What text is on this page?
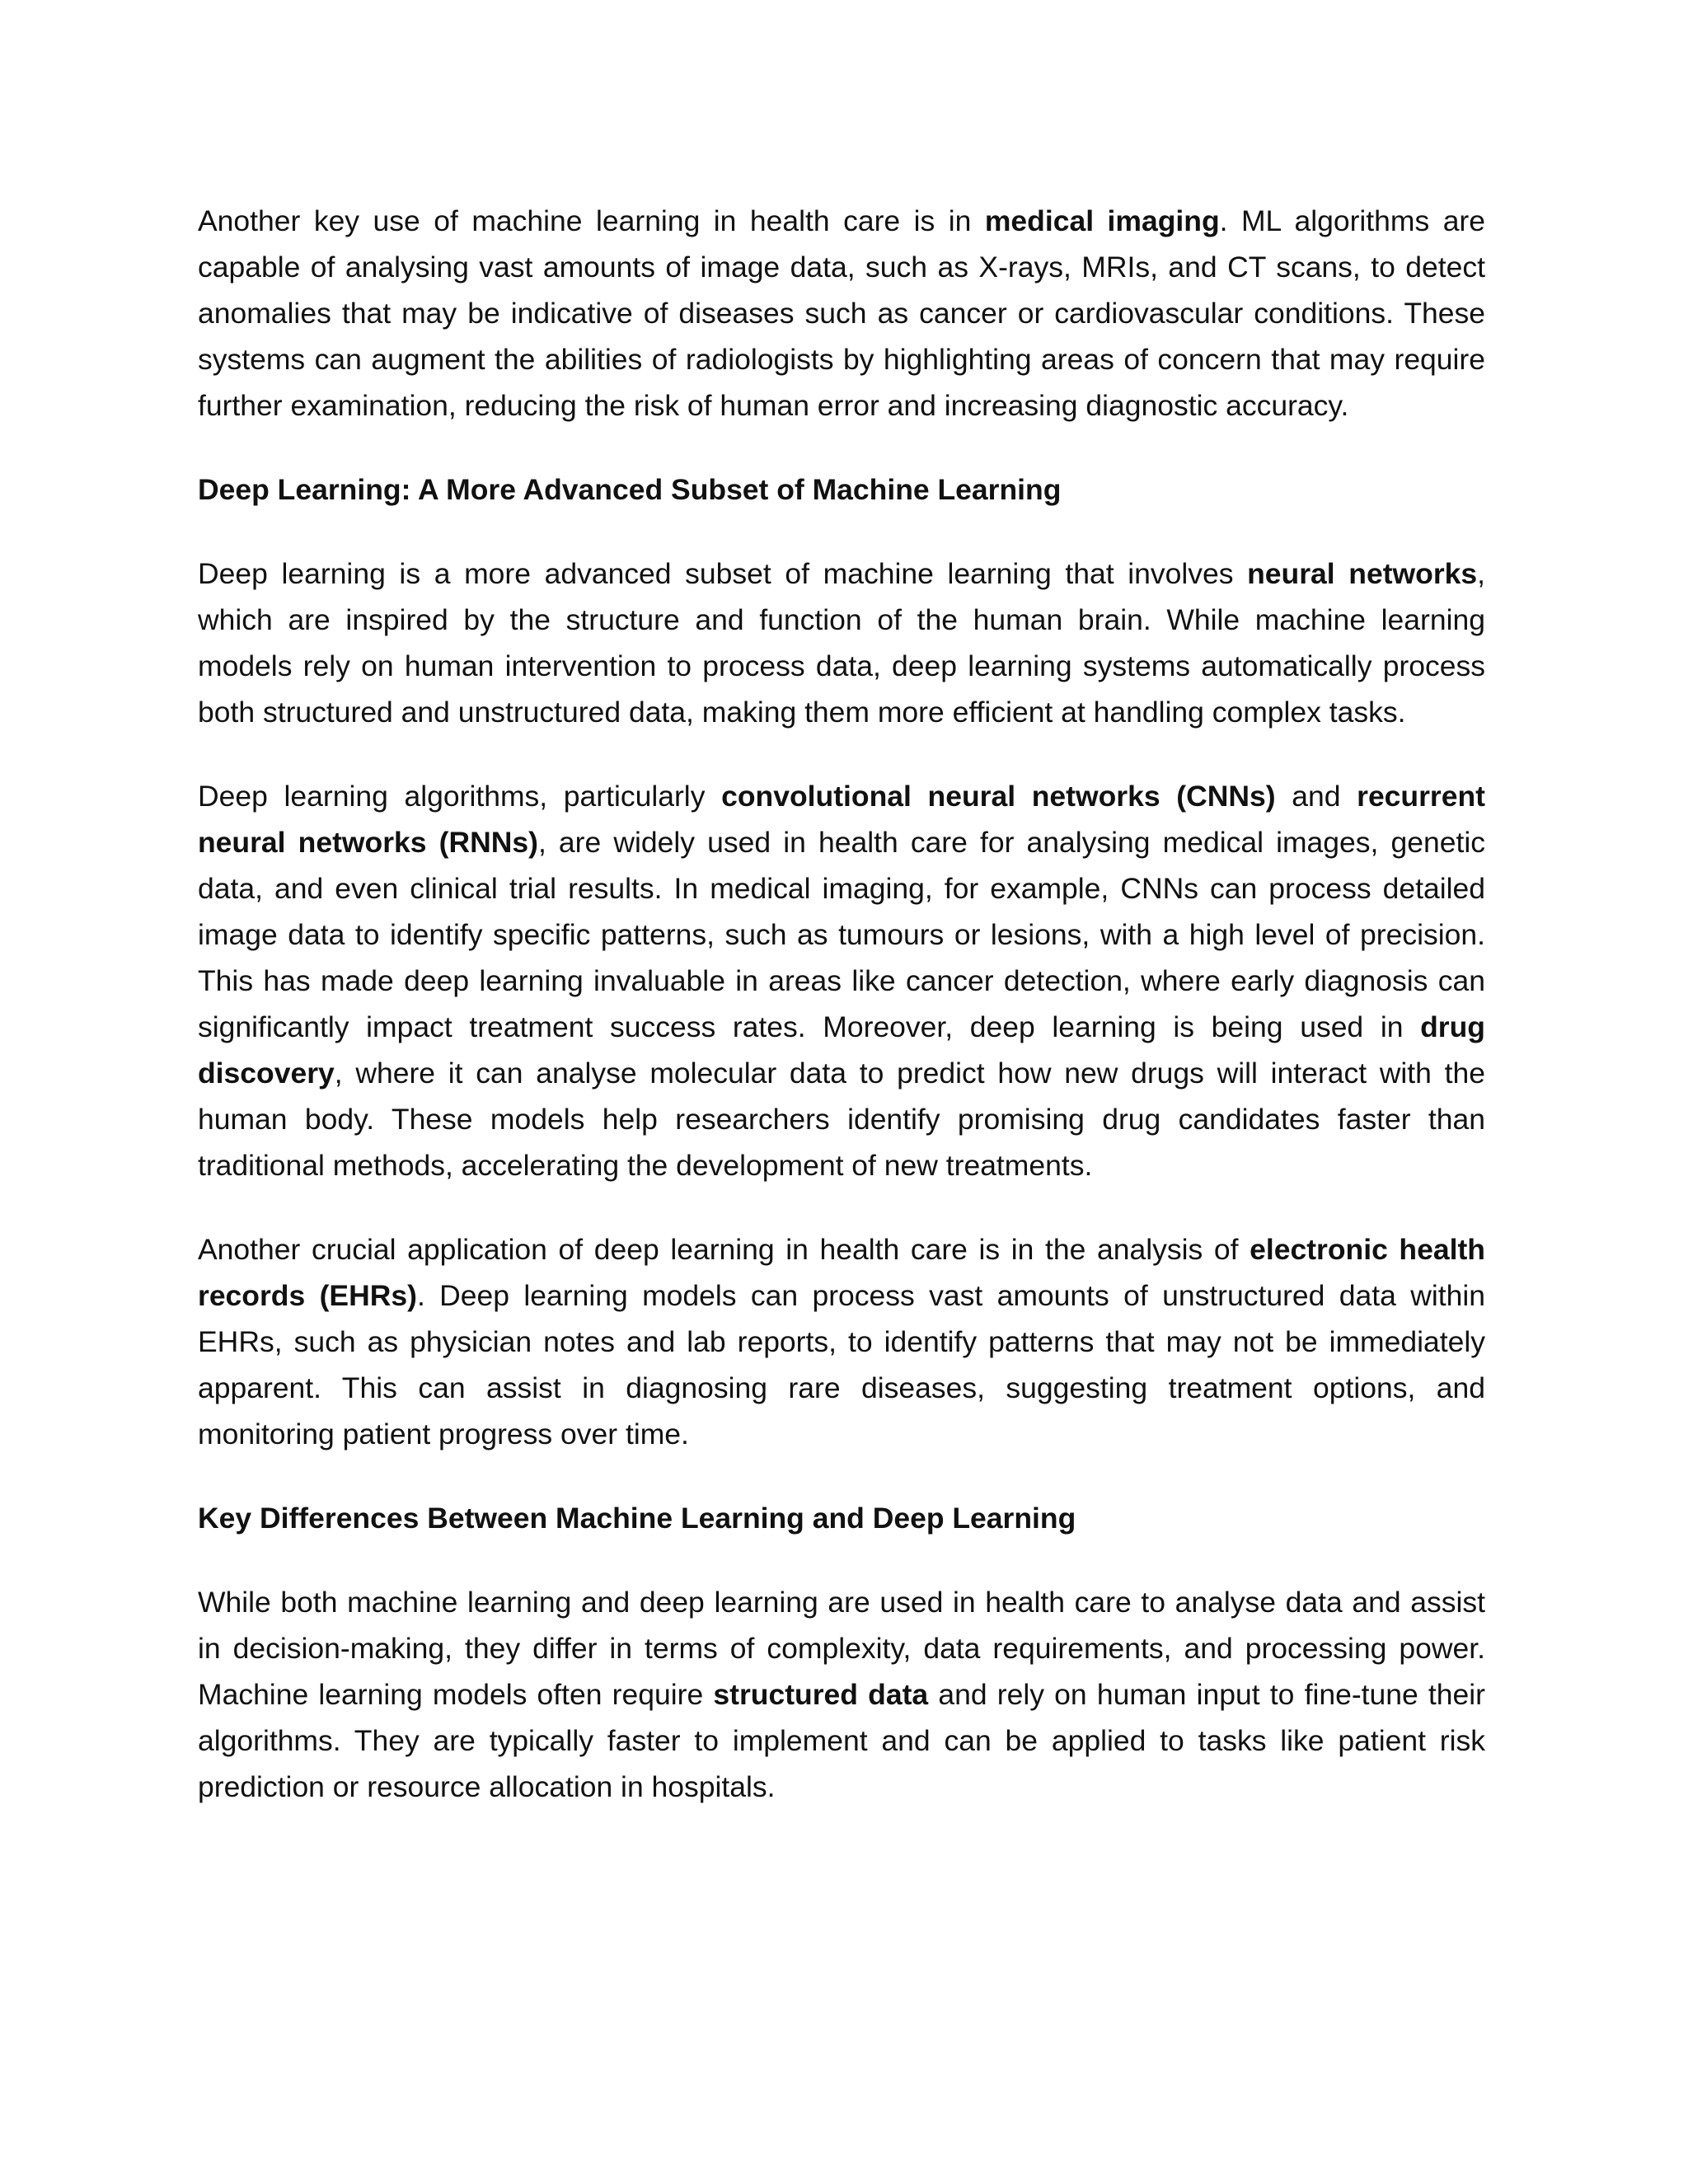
Another key use of machine learning in health care is in medical imaging. ML algorithms are capable of analysing vast amounts of image data, such as X-rays, MRIs, and CT scans, to detect anomalies that may be indicative of diseases such as cancer or cardiovascular conditions. These systems can augment the abilities of radiologists by highlighting areas of concern that may require further examination, reducing the risk of human error and increasing diagnostic accuracy.

Deep Learning: A More Advanced Subset of Machine Learning

Deep learning is a more advanced subset of machine learning that involves neural networks, which are inspired by the structure and function of the human brain. While machine learning models rely on human intervention to process data, deep learning systems automatically process both structured and unstructured data, making them more efficient at handling complex tasks.

Deep learning algorithms, particularly convolutional neural networks (CNNs) and recurrent neural networks (RNNs), are widely used in health care for analysing medical images, genetic data, and even clinical trial results. In medical imaging, for example, CNNs can process detailed image data to identify specific patterns, such as tumours or lesions, with a high level of precision. This has made deep learning invaluable in areas like cancer detection, where early diagnosis can significantly impact treatment success rates. Moreover, deep learning is being used in drug discovery, where it can analyse molecular data to predict how new drugs will interact with the human body. These models help researchers identify promising drug candidates faster than traditional methods, accelerating the development of new treatments.

Another crucial application of deep learning in health care is in the analysis of electronic health records (EHRs). Deep learning models can process vast amounts of unstructured data within EHRs, such as physician notes and lab reports, to identify patterns that may not be immediately apparent. This can assist in diagnosing rare diseases, suggesting treatment options, and monitoring patient progress over time.

Key Differences Between Machine Learning and Deep Learning

While both machine learning and deep learning are used in health care to analyse data and assist in decision-making, they differ in terms of complexity, data requirements, and processing power. Machine learning models often require structured data and rely on human input to fine-tune their algorithms. They are typically faster to implement and can be applied to tasks like patient risk prediction or resource allocation in hospitals.
